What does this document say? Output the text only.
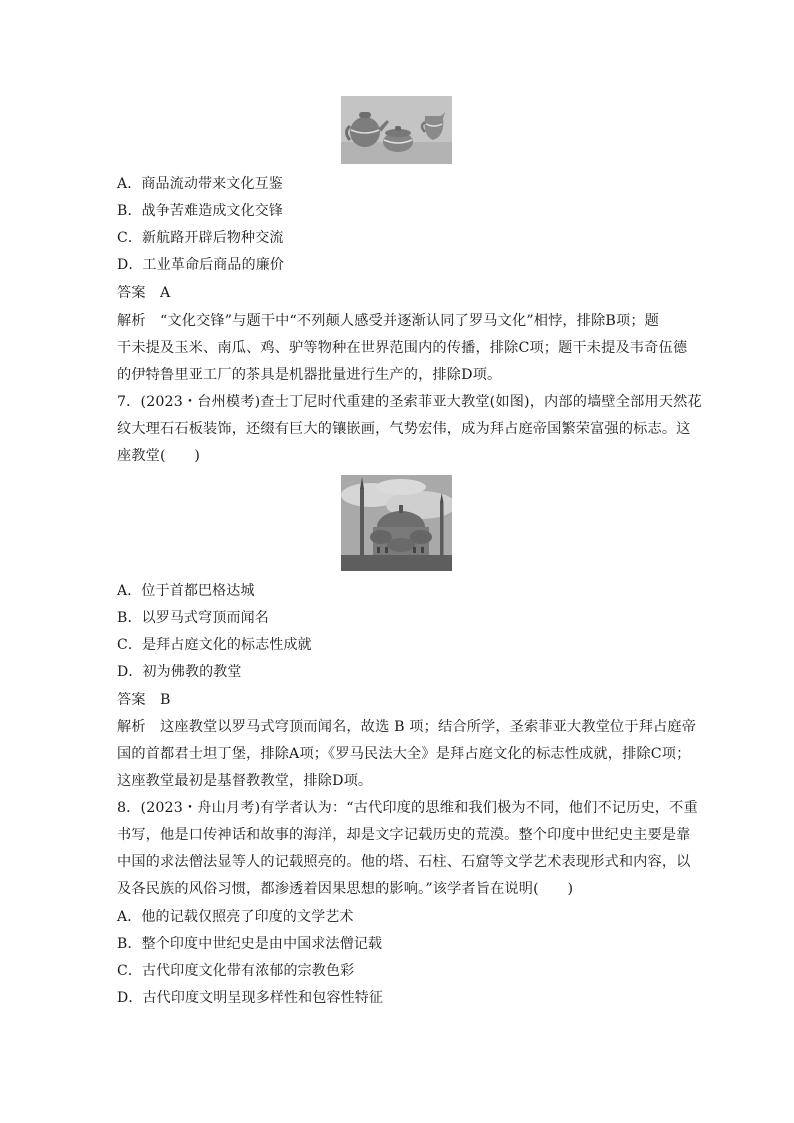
A．商品流动带来文化互鉴
B．战争苦难造成文化交锋
C．新航路开辟后物种交流
D．工业革命后商品的廉价
答案　A
解析　“文化交锋”与题干中“不列颠人感受并逐渐认同了罗马文化”相悖，排除B项；题
干未提及玉米、南瓜、鸡、驴等物种在世界范围内的传播，排除C项；题干未提及韦奇伍德
的伊特鲁里亚工厂的茶具是机器批量进行生产的，排除D项。
7．(2023・台州模考)查士丁尼时代重建的圣索菲亚大教堂(如图)，内部的墙壁全部用天然花
纹大理石石板装饰，还缀有巨大的镶嵌画，气势宏伟，成为拜占庭帝国繁荣富强的标志。这
座教堂(　　)
A．位于首都巴格达城
B．以罗马式穹顶而闻名
C．是拜占庭文化的标志性成就
D．初为佛教的教堂
答案　B
解析　这座教堂以罗马式穹顶而闻名，故选 B 项；结合所学，圣索菲亚大教堂位于拜占庭帝
国的首都君士坦丁堡，排除A项；《罗马民法大全》是拜占庭文化的标志性成就，排除C项；
这座教堂最初是基督教教堂，排除D项。
8．(2023・舟山月考)有学者认为：“古代印度的思维和我们极为不同，他们不记历史，不重
书写，他是口传神话和故事的海洋，却是文字记载历史的荒漠。整个印度中世纪史主要是靠
中国的求法僧法显等人的记载照亮的。他的塔、石柱、石窟等文学艺术表现形式和内容，以
及各民族的风俗习惯，都渗透着因果思想的影响。”该学者旨在说明(　　)
A．他的记载仅照亮了印度的文学艺术
B．整个印度中世纪史是由中国求法僧记载
C．古代印度文化带有浓郁的宗教色彩
D．古代印度文明呈现多样性和包容性特征
